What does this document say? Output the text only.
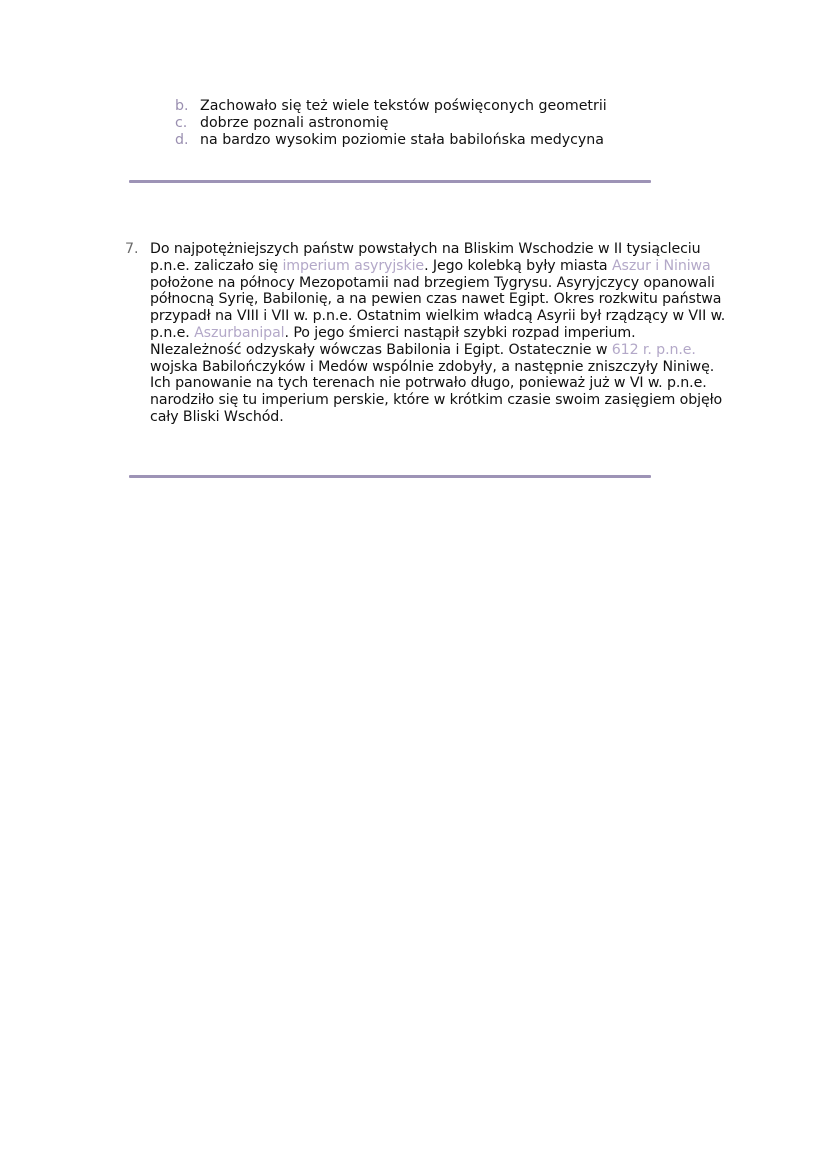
b. Zachowało się też wiele tekstów poświęconych geometrii
c. dobrze poznali astronomię
d. na bardzo wysokim poziomie stała babilońska medycyna
7. Do najpotężniejszych państw powstałych na Bliskim Wschodzie w II tysiącleciu p.n.e. zaliczało się imperium asyryjskie. Jego kolebką były miasta Aszur i Niniwa położone na północy Mezopotamii nad brzegiem Tygrysu. Asyryjczycy opanowali północną Syrię, Babilonię, a na pewien czas nawet Egipt. Okres rozkwitu państwa przypadł na VIII i VII w. p.n.e. Ostatnim wielkim władcą Asyrii był rządzący w VII w. p.n.e. Aszurbanipal. Po jego śmierci nastąpił szybki rozpad imperium. NIezależność odzyskały wówczas Babilonia i Egipt. Ostatecznie w 612 r. p.n.e. wojska Babilończyków i Medów wspólnie zdobyły, a następnie zniszczyły Niniwę. Ich panowanie na tych terenach nie potrwało długo, ponieważ już w VI w. p.n.e. narodziło się tu imperium perskie, które w krótkim czasie swoim zasięgiem objęło cały Bliski Wschód.
